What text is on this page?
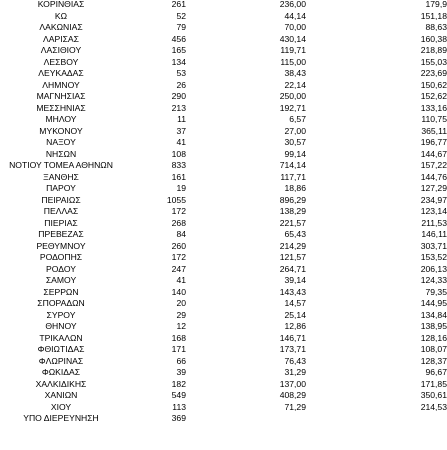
ΚΟΡΙΝΘΙΑΣ	261	236,00	179,9
ΚΩ	52	44,14	151,18
ΛΑΚΩΝΙΑΣ	79	70,00	88,63
ΛΑΡΙΣΑΣ	456	430,14	160,38
ΛΑΣΙΘΙΟΥ	165	119,71	218,89
ΛΕΣΒΟΥ	134	115,00	155,03
ΛΕΥΚΑΔΑΣ	53	38,43	223,69
ΛΗΜΝΟΥ	26	22,14	150,62
ΜΑΓΝΗΣΙΑΣ	290	250,00	152,62
ΜΕΣΣΗΝΙΑΣ	213	192,71	133,16
ΜΗΛΟΥ	11	6,57	110,75
ΜΥΚΟΝΟΥ	37	27,00	365,11
ΝΑΞΟΥ	41	30,57	196,77
ΝΗΣΩΝ	108	99,14	144,67
ΝΟΤΙΟΥ ΤΟΜΕΑ ΑΘΗΝΩΝ	833	714,14	157,22
ΞΑΝΘΗΣ	161	117,71	144,76
ΠΑΡΟΥ	19	18,86	127,29
ΠΕΙΡΑΙΩΣ	1055	896,29	234,97
ΠΕΛΛΑΣ	172	138,29	123,14
ΠΙΕΡΙΑΣ	268	221,57	211,53
ΠΡΕΒΕΖΑΣ	84	65,43	146,11
ΡΕΘΥΜΝΟΥ	260	214,29	303,71
ΡΟΔΟΠΗΣ	172	121,57	153,52
ΡΟΔΟΥ	247	264,71	206,13
ΣΑΜΟΥ	41	39,14	124,33
ΣΕΡΡΩΝ	140	143,43	79,35
ΣΠΟΡΑΔΩΝ	20	14,57	144,95
ΣΥΡΟΥ	29	25,14	134,84
ΘΗΝΟΥ	12	12,86	138,95
ΤΡΙΚΑΛΩΝ	168	146,71	128,16
ΦΘΙΩΤΙΔΑΣ	171	173,71	108,07
ΦΛΩΡΙΝΑΣ	66	76,43	128,37
ΦΩΚΙΔΑΣ	39	31,29	96,67
ΧΑΛΚΙΔΙΚΗΣ	182	137,00	171,85
ΧΑΝΙΩΝ	549	408,29	350,61
ΧΙΟΥ	113	71,29	214,53
ΥΠΟ ΔΙΕΡΕΥΝΗΣΗ	369		
